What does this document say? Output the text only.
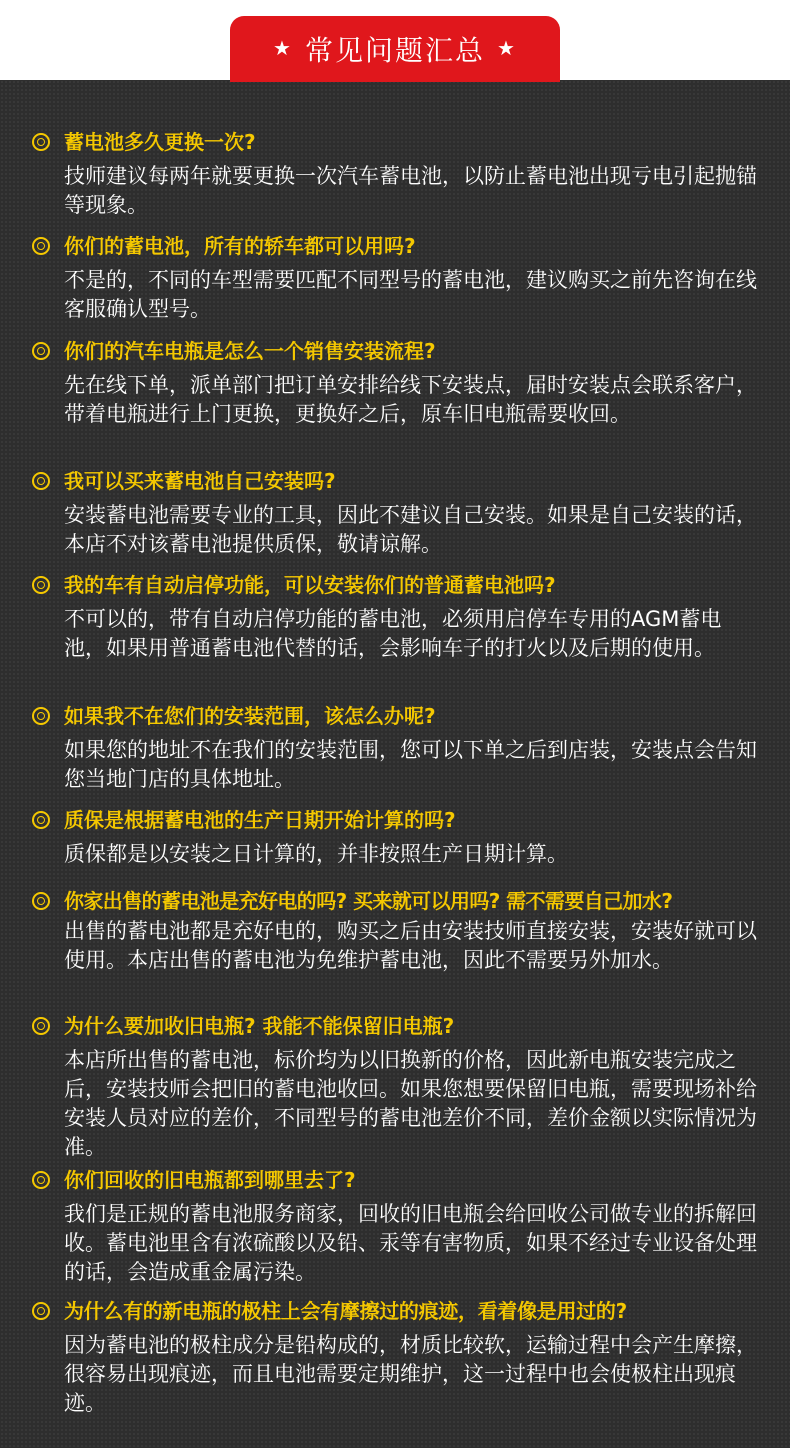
★ 常见问题汇总 ★
蓄电池多久更换一次?
技师建议每两年就要更换一次汽车蓄电池，以防止蓄电池出现亏电引起抛锚等现象。
你们的蓄电池，所有的轿车都可以用吗?
不是的，不同的车型需要匹配不同型号的蓄电池，建议购买之前先咨询在线客服确认型号。
你们的汽车电瓶是怎么一个销售安装流程?
先在线下单，派单部门把订单安排给线下安装点，届时安装点会联系客户，带着电瓶进行上门更换，更换好之后，原车旧电瓶需要收回。
我可以买来蓄电池自己安装吗?
安装蓄电池需要专业的工具，因此不建议自己安装。如果是自己安装的话，本店不对该蓄电池提供质保，敬请谅解。
我的车有自动启停功能，可以安装你们的普通蓄电池吗?
不可以的，带有自动启停功能的蓄电池，必须用启停车专用的AGM蓄电池，如果用普通蓄电池代替的话，会影响车子的打火以及后期的使用。
如果我不在您们的安装范围，该怎么办呢?
如果您的地址不在我们的安装范围，您可以下单之后到店装，安装点会告知您当地门店的具体地址。
质保是根据蓄电池的生产日期开始计算的吗?
质保都是以安装之日计算的，并非按照生产日期计算。
你家出售的蓄电池是充好电的吗? 买来就可以用吗? 需不需要自己加水?
出售的蓄电池都是充好电的，购买之后由安装技师直接安装，安装好就可以使用。本店出售的蓄电池为免维护蓄电池，因此不需要另外加水。
为什么要加收旧电瓶? 我能不能保留旧电瓶?
本店所出售的蓄电池，标价均为以旧换新的价格，因此新电瓶安装完成之后，安装技师会把旧的蓄电池收回。如果您想要保留旧电瓶，需要现场补给安装人员对应的差价，不同型号的蓄电池差价不同，差价金额以实际情况为准。
你们回收的旧电瓶都到哪里去了?
我们是正规的蓄电池服务商家，回收的旧电瓶会给回收公司做专业的拆解回收。蓄电池里含有浓硫酸以及铅、汞等有害物质，如果不经过专业设备处理的话，会造成重金属污染。
为什么有的新电瓶的极柱上会有摩擦过的痕迹，看着像是用过的?
因为蓄电池的极柱成分是铅构成的，材质比较软，运输过程中会产生摩擦，很容易出现痕迹，而且电池需要定期维护，这一过程中也会使极柱出现痕迹。
